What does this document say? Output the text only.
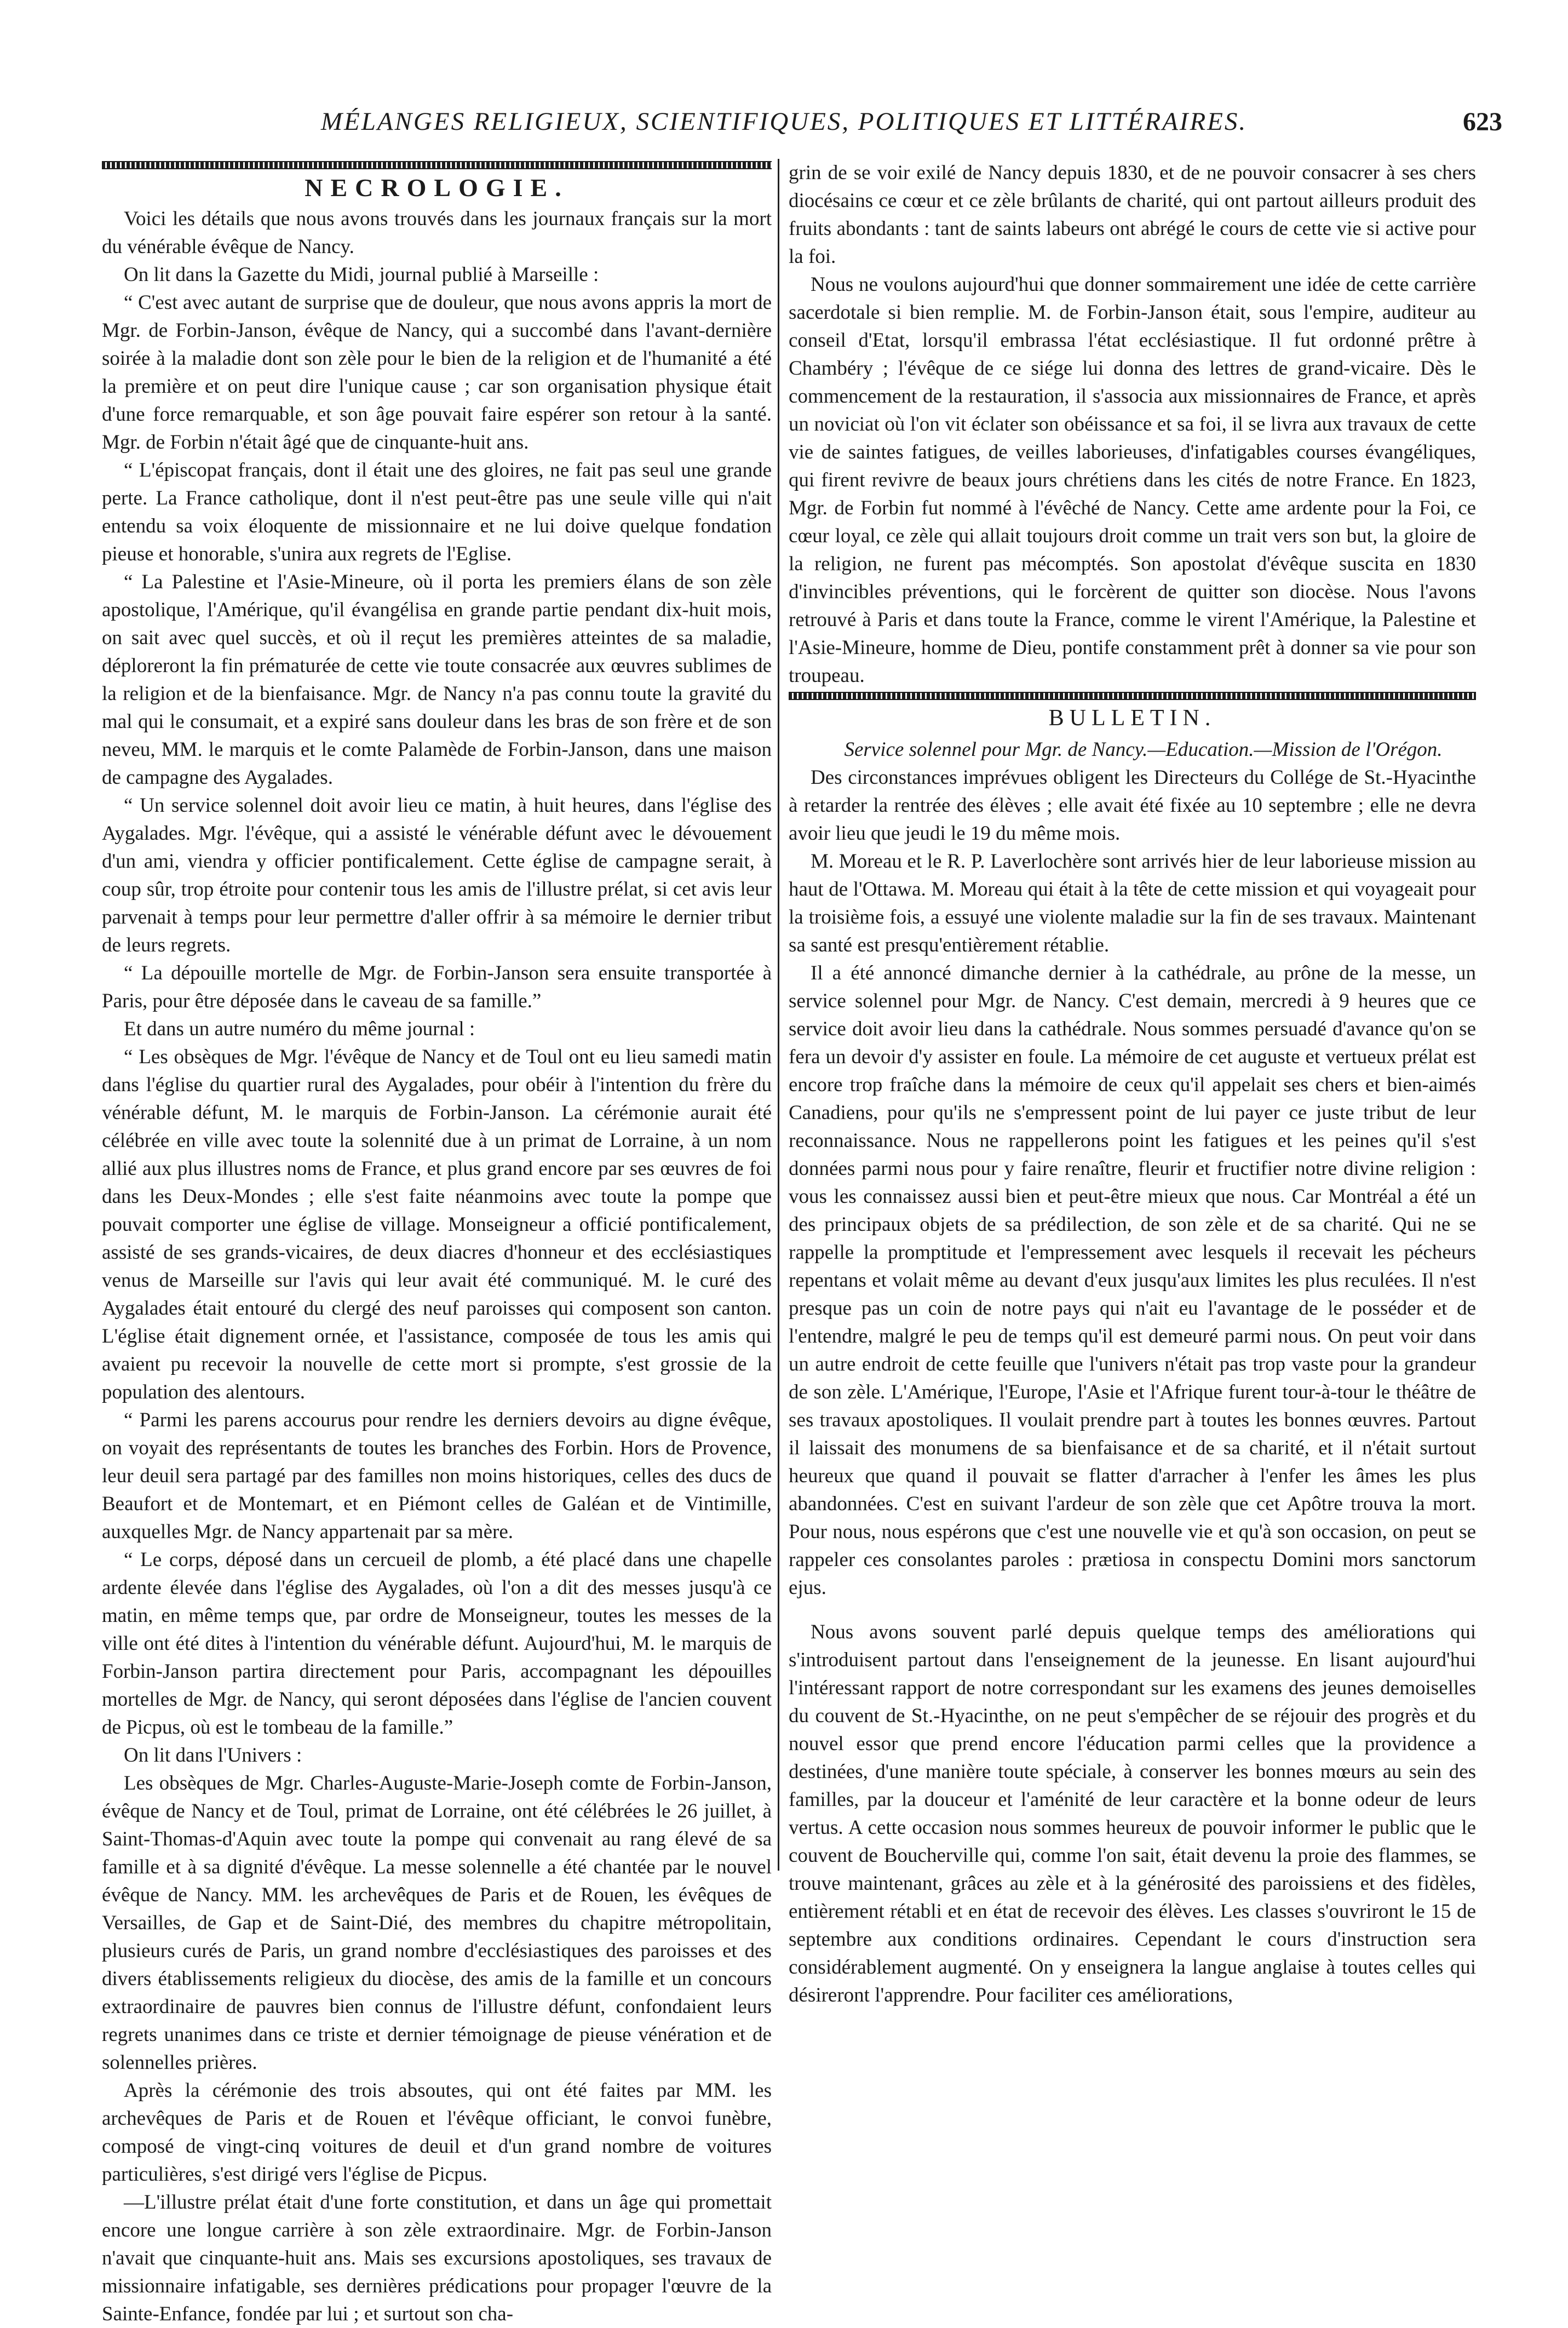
MÉLANGES RELIGIEUX, SCIENTIFIQUES, POLITIQUES ET LITTÉRAIRES.	623
NECROLOGIE.

Voici les détails que nous avons trouvés dans les journaux français sur la mort du vénérable évêque de Nancy.

On lit dans la Gazette du Midi, journal publié à Marseille :

“ C'est avec autant de surprise que de douleur, que nous avons appris la mort de Mgr. de Forbin-Janson, évêque de Nancy, qui a succombé dans l'avant-dernière soirée à la maladie dont son zèle pour le bien de la religion et de l'humanité a été la première et on peut dire l'unique cause ; car son organisation physique était d'une force remarquable, et son âge pouvait faire espérer son retour à la santé. Mgr. de Forbin n'était âgé que de cinquante-huit ans.

“ L'épiscopat français, dont il était une des gloires, ne fait pas seul une grande perte. La France catholique, dont il n'est peut-être pas une seule ville qui n'ait entendu sa voix éloquente de missionnaire et ne lui doive quelque fondation pieuse et honorable, s'unira aux regrets de l'Eglise.

“ La Palestine et l'Asie-Mineure, où il porta les premiers élans de son zèle apostolique, l'Amérique, qu'il évangélisa en grande partie pendant dix-huit mois, on sait avec quel succès, et où il reçut les premières atteintes de sa maladie, déploreront la fin prématurée de cette vie toute consacrée aux œuvres sublimes de la religion et de la bienfaisance. Mgr. de Nancy n'a pas connu toute la gravité du mal qui le consumait, et a expiré sans douleur dans les bras de son frère et de son neveu, MM. le marquis et le comte Palamède de Forbin-Janson, dans une maison de campagne des Aygalades.

“ Un service solennel doit avoir lieu ce matin, à huit heures, dans l'église des Aygalades. Mgr. l'évêque, qui a assisté le vénérable défunt avec le dévouement d'un ami, viendra y officier pontificalement. Cette église de campagne serait, à coup sûr, trop étroite pour contenir tous les amis de l'illustre prélat, si cet avis leur parvenait à temps pour leur permettre d'aller offrir à sa mémoire le dernier tribut de leurs regrets.

“ La dépouille mortelle de Mgr. de Forbin-Janson sera ensuite transportée à Paris, pour être déposée dans le caveau de sa famille.”

Et dans un autre numéro du même journal :

“ Les obsèques de Mgr. l'évêque de Nancy et de Toul ont eu lieu samedi matin dans l'église du quartier rural des Aygalades, pour obéir à l'intention du frère du vénérable défunt, M. le marquis de Forbin-Janson. La cérémonie aurait été célébrée en ville avec toute la solennité due à un primat de Lorraine, à un nom allié aux plus illustres noms de France, et plus grand encore par ses œuvres de foi dans les Deux-Mondes ; elle s'est faite néanmoins avec toute la pompe que pouvait comporter une église de village. Monseigneur a officié pontificalement, assisté de ses grands-vicaires, de deux diacres d'honneur et des ecclésiastiques venus de Marseille sur l'avis qui leur avait été communiqué. M. le curé des Aygalades était entouré du clergé des neuf paroisses qui composent son canton. L'église était dignement ornée, et l'assistance, composée de tous les amis qui avaient pu recevoir la nouvelle de cette mort si prompte, s'est grossie de la population des alentours.

“ Parmi les parens accourus pour rendre les derniers devoirs au digne évêque, on voyait des représentants de toutes les branches des Forbin. Hors de Provence, leur deuil sera partagé par des familles non moins historiques, celles des ducs de Beaufort et de Montemart, et en Piémont celles de Galéan et de Vintimille, auxquelles Mgr. de Nancy appartenait par sa mère.

“ Le corps, déposé dans un cercueil de plomb, a été placé dans une chapelle ardente élevée dans l'église des Aygalades, où l'on a dit des messes jusqu'à ce matin, en même temps que, par ordre de Monseigneur, toutes les messes de la ville ont été dites à l'intention du vénérable défunt. Aujourd'hui, M. le marquis de Forbin-Janson partira directement pour Paris, accompagnant les dépouilles mortelles de Mgr. de Nancy, qui seront déposées dans l'église de l'ancien couvent de Picpus, où est le tombeau de la famille.”

On lit dans l'Univers :

Les obsèques de Mgr. Charles-Auguste-Marie-Joseph comte de Forbin-Janson, évêque de Nancy et de Toul, primat de Lorraine, ont été célébrées le 26 juillet, à Saint-Thomas-d'Aquin avec toute la pompe qui convenait au rang élevé de sa famille et à sa dignité d'évêque. La messe solennelle a été chantée par le nouvel évêque de Nancy. MM. les archevêques de Paris et de Rouen, les évêques de Versailles, de Gap et de Saint-Dié, des membres du chapitre métropolitain, plusieurs curés de Paris, un grand nombre d'ecclésiastiques des paroisses et des divers établissements religieux du diocèse, des amis de la famille et un concours extraordinaire de pauvres bien connus de l'illustre défunt, confondaient leurs regrets unanimes dans ce triste et dernier témoignage de pieuse vénération et de solennelles prières.

Après la cérémonie des trois absoutes, qui ont été faites par MM. les archevêques de Paris et de Rouen et l'évêque officiant, le convoi funèbre, composé de vingt-cinq voitures de deuil et d'un grand nombre de voitures particulières, s'est dirigé vers l'église de Picpus.

—L'illustre prélat était d'une forte constitution, et dans un âge qui promettait encore une longue carrière à son zèle extraordinaire. Mgr. de Forbin-Janson n'avait que cinquante-huit ans. Mais ses excursions apostoliques, ses travaux de missionnaire infatigable, ses dernières prédications pour propager l'œuvre de la Sainte-Enfance, fondée par lui ; et surtout son cha-

grin de se voir exilé de Nancy depuis 1830, et de ne pouvoir consacrer à ses chers diocésains ce cœur et ce zèle brûlants de charité, qui ont partout ailleurs produit des fruits abondants : tant de saints labeurs ont abrégé le cours de cette vie si active pour la foi.

Nous ne voulons aujourd'hui que donner sommairement une idée de cette carrière sacerdotale si bien remplie. M. de Forbin-Janson était, sous l'empire, auditeur au conseil d'Etat, lorsqu'il embrassa l'état ecclésiastique. Il fut ordonné prêtre à Chambéry ; l'évêque de ce siége lui donna des lettres de grand-vicaire. Dès le commencement de la restauration, il s'associa aux missionnaires de France, et après un noviciat où l'on vit éclater son obéissance et sa foi, il se livra aux travaux de cette vie de saintes fatigues, de veilles laborieuses, d'infatigables courses évangéliques, qui firent revivre de beaux jours chrétiens dans les cités de notre France. En 1823, Mgr. de Forbin fut nommé à l'évêché de Nancy. Cette ame ardente pour la Foi, ce cœur loyal, ce zèle qui allait toujours droit comme un trait vers son but, la gloire de la religion, ne furent pas mécomptés. Son apostolat d'évêque suscita en 1830 d'invincibles préventions, qui le forcèrent de quitter son diocèse. Nous l'avons retrouvé à Paris et dans toute la France, comme le virent l'Amérique, la Palestine et l'Asie-Mineure, homme de Dieu, pontife constamment prêt à donner sa vie pour son troupeau.

BULLETIN.

Service solennel pour Mgr. de Nancy.—Education.—Mission de l'Orégon.

Des circonstances imprévues obligent les Directeurs du Collége de St.-Hyacinthe à retarder la rentrée des élèves ; elle avait été fixée au 10 septembre ; elle ne devra avoir lieu que jeudi le 19 du même mois.

M. Moreau et le R. P. Laverlochère sont arrivés hier de leur laborieuse mission au haut de l'Ottawa. M. Moreau qui était à la tête de cette mission et qui voyageait pour la troisième fois, a essuyé une violente maladie sur la fin de ses travaux. Maintenant sa santé est presqu'entièrement rétablie.

Il a été annoncé dimanche dernier à la cathédrale, au prône de la messe, un service solennel pour Mgr. de Nancy. C'est demain, mercredi à 9 heures que ce service doit avoir lieu dans la cathédrale. Nous sommes persuadé d'avance qu'on se fera un devoir d'y assister en foule. La mémoire de cet auguste et vertueux prélat est encore trop fraîche dans la mémoire de ceux qu'il appelait ses chers et bien-aimés Canadiens, pour qu'ils ne s'empressent point de lui payer ce juste tribut de leur reconnaissance. Nous ne rappellerons point les fatigues et les peines qu'il s'est données parmi nous pour y faire renaître, fleurir et fructifier notre divine religion : vous les connaissez aussi bien et peut-être mieux que nous. Car Montréal a été un des principaux objets de sa prédilection, de son zèle et de sa charité. Qui ne se rappelle la promptitude et l'empressement avec lesquels il recevait les pécheurs repentans et volait même au devant d'eux jusqu'aux limites les plus reculées. Il n'est presque pas un coin de notre pays qui n'ait eu l'avantage de le posséder et de l'entendre, malgré le peu de temps qu'il est demeuré parmi nous. On peut voir dans un autre endroit de cette feuille que l'univers n'était pas trop vaste pour la grandeur de son zèle. L'Amérique, l'Europe, l'Asie et l'Afrique furent tour-à-tour le théâtre de ses travaux apostoliques. Il voulait prendre part à toutes les bonnes œuvres. Partout il laissait des monumens de sa bienfaisance et de sa charité, et il n'était surtout heureux que quand il pouvait se flatter d'arracher à l'enfer les âmes les plus abandonnées. C'est en suivant l'ardeur de son zèle que cet Apôtre trouva la mort. Pour nous, nous espérons que c'est une nouvelle vie et qu'à son occasion, on peut se rappeler ces consolantes paroles : prætiosa in conspectu Domini mors sanctorum ejus.

Nous avons souvent parlé depuis quelque temps des améliorations qui s'introduisent partout dans l'enseignement de la jeunesse. En lisant aujourd'hui l'intéressant rapport de notre correspondant sur les examens des jeunes demoiselles du couvent de St.-Hyacinthe, on ne peut s'empêcher de se réjouir des progrès et du nouvel essor que prend encore l'éducation parmi celles que la providence a destinées, d'une manière toute spéciale, à conserver les bonnes mœurs au sein des familles, par la douceur et l'aménité de leur caractère et la bonne odeur de leurs vertus. A cette occasion nous sommes heureux de pouvoir informer le public que le couvent de Boucherville qui, comme l'on sait, était devenu la proie des flammes, se trouve maintenant, grâces au zèle et à la générosité des paroissiens et des fidèles, entièrement rétabli et en état de recevoir des élèves. Les classes s'ouvriront le 15 de septembre aux conditions ordinaires. Cependant le cours d'instruction sera considérablement augmenté. On y enseignera la langue anglaise à toutes celles qui désireront l'apprendre. Pour faciliter ces améliorations,
